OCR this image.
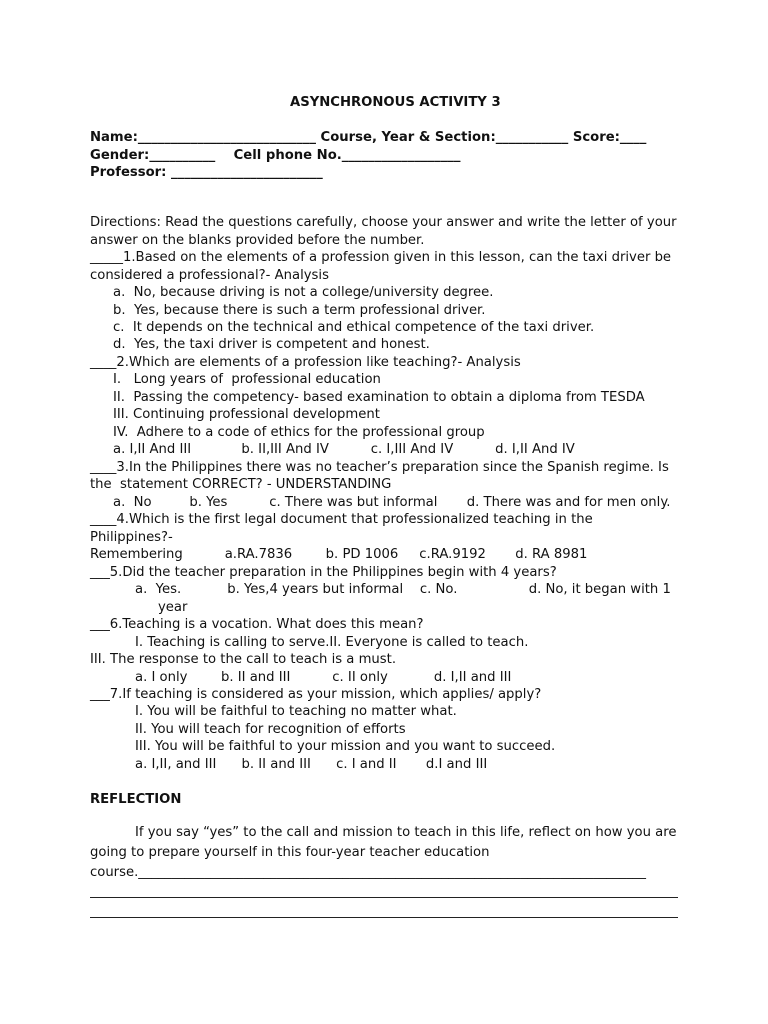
ASYNCHRONOUS ACTIVITY 3
Name:___________________________ Course, Year & Section:___________ Score:____
Gender:__________    Cell phone No.__________________
Professor: _______________________
Directions: Read the questions carefully, choose your answer and write the letter of your
answer on the blanks provided before the number.
_____1.Based on the elements of a profession given in this lesson, can the taxi driver be
considered a professional?- Analysis
a.  No, because driving is not a college/university degree.
b.  Yes, because there is such a term professional driver.
c.  It depends on the technical and ethical competence of the taxi driver.
d.  Yes, the taxi driver is competent and honest.
____2.Which are elements of a profession like teaching?- Analysis
I.   Long years of  professional education
II.  Passing the competency- based examination to obtain a diploma from TESDA
III. Continuing professional development
IV.  Adhere to a code of ethics for the professional group
a. I,II And III            b. II,III And IV          c. I,III And IV          d. I,II And IV
____3.In the Philippines there was no teacher’s preparation since the Spanish regime. Is
the  statement CORRECT? - UNDERSTANDING
a.  No         b. Yes          c. There was but informal       d. There was and for men only.
____4.Which is the first legal document that professionalized teaching in the
Philippines?-
Remembering          a.RA.7836        b. PD 1006     c.RA.9192       d. RA 8981
___5.Did the teacher preparation in the Philippines begin with 4 years?
a.  Yes.           b. Yes,4 years but informal    c. No.                 d. No, it began with 1
year
___6.Teaching is a vocation. What does this mean?
I. Teaching is calling to serve.II. Everyone is called to teach.
III. The response to the call to teach is a must.
a. I only        b. II and III          c. II only           d. I,II and III
___7.If teaching is considered as your mission, which applies/ apply?
I. You will be faithful to teaching no matter what.
II. You will teach for recognition of efforts
III. You will be faithful to your mission and you want to succeed.
a. I,II, and III      b. II and III      c. I and II       d.I and III
REFLECTION
If you say “yes” to the call and mission to teach in this life, reflect on how you are
going to prepare yourself in this four-year teacher education
course._____________________________________________________________________________
